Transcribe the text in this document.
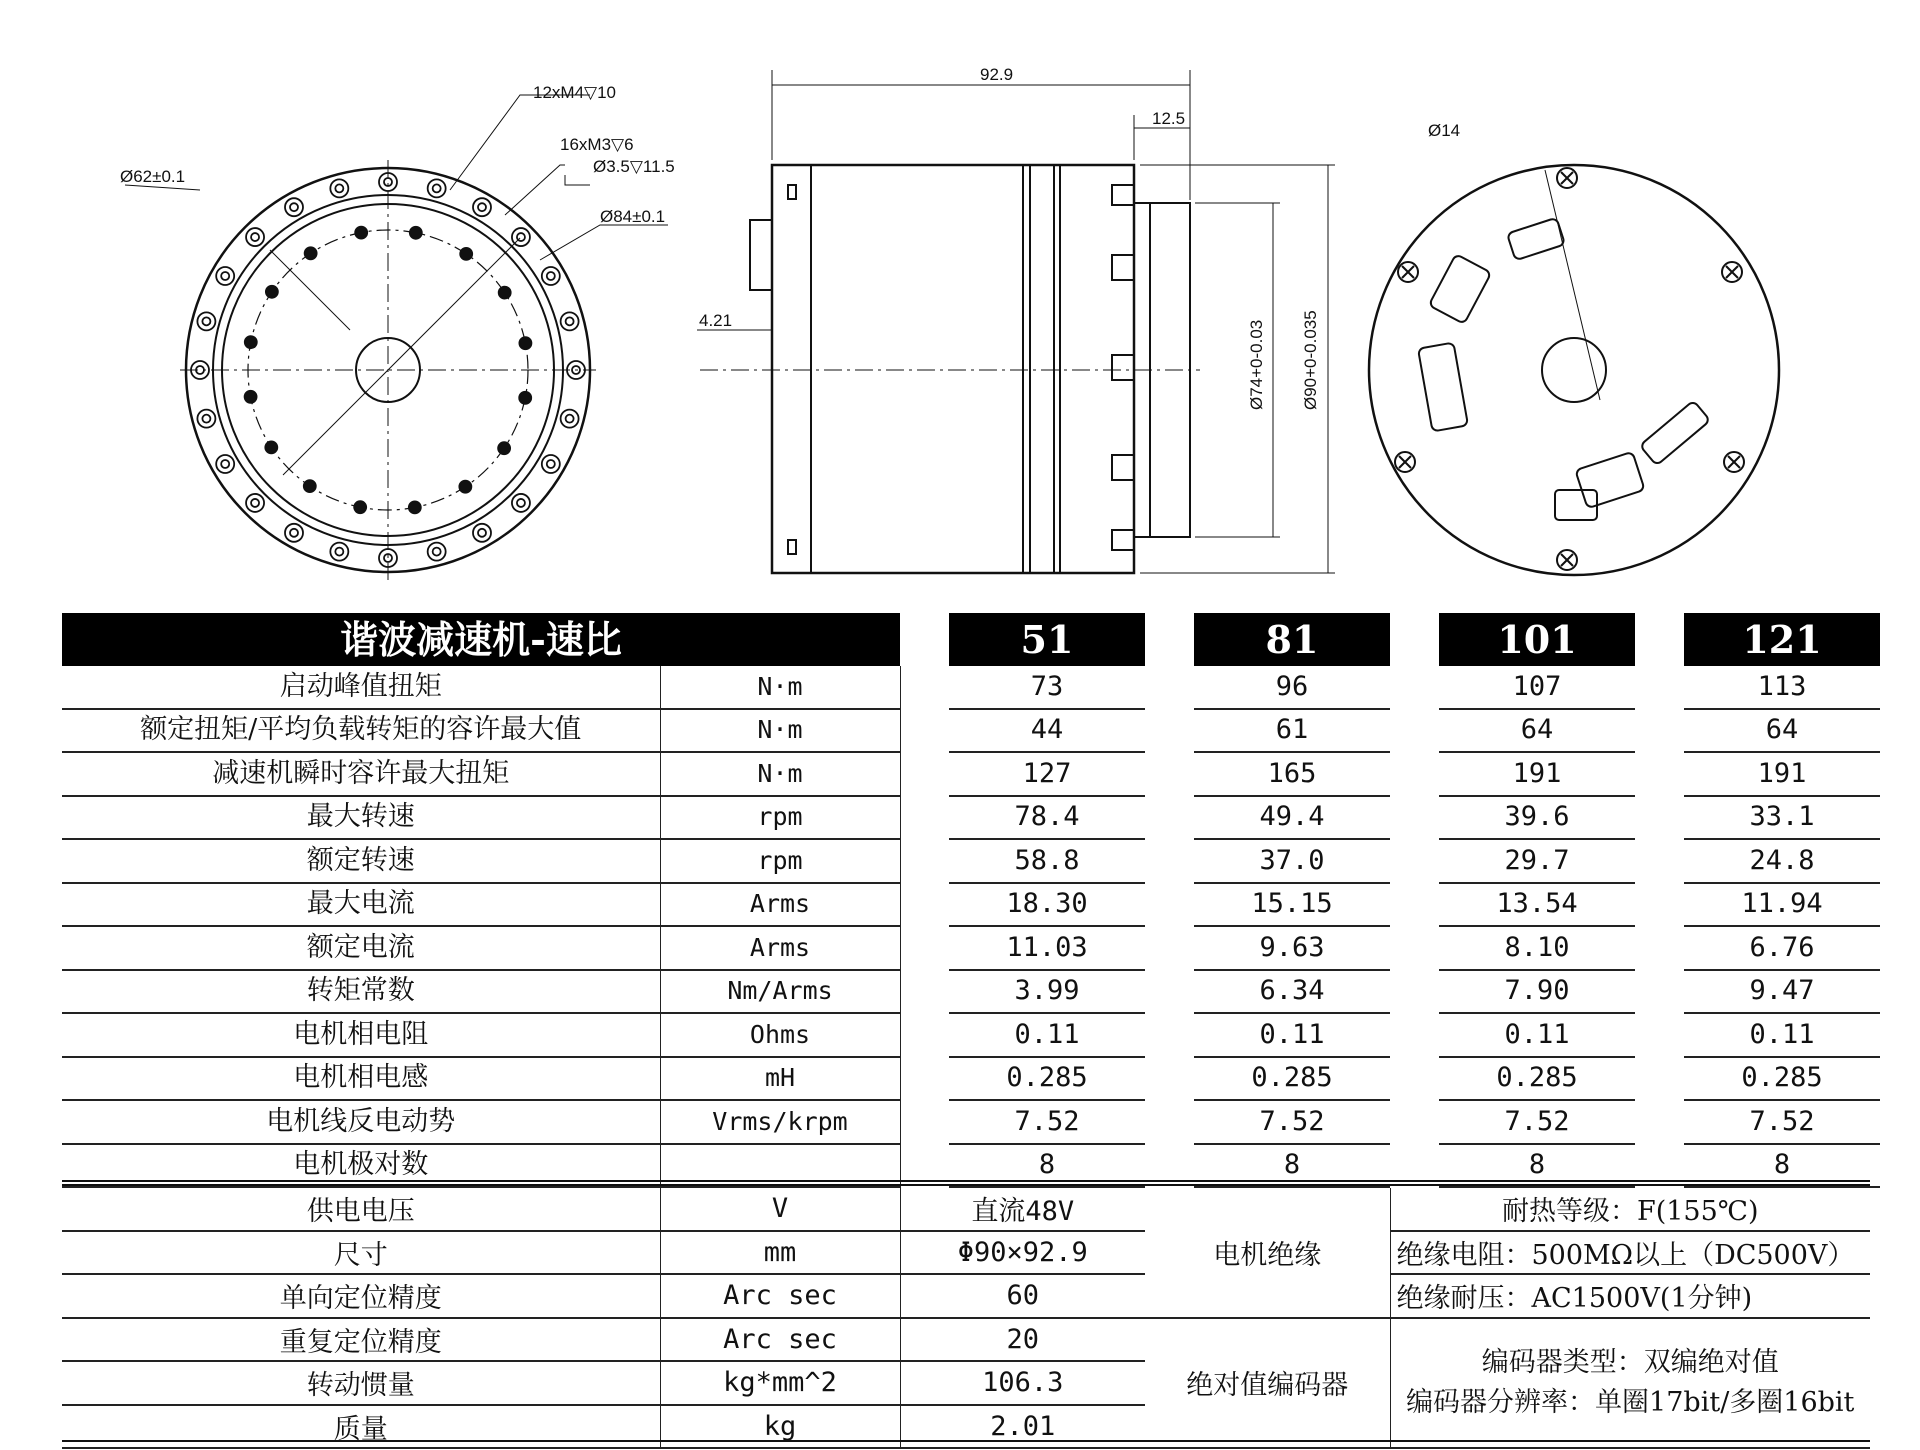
Ø62±0.1
12xM4▽10
16xM3▽6
Ø3.5▽11.5
Ø84±0.1
92.9
12.5
4.21	Ø74+0-0.03 Ø90+0-0.035
Ø14
谐波减速机-速比			51		81		101		121
启动峰值扭矩	N·m		73		96		107		113
额定扭矩/平均负载转矩的容许最大值	N·m		44		61		64		64
减速机瞬时容许最大扭矩	N·m		127		165		191		191
最大转速	rpm		78.4		49.4		39.6		33.1
额定转速	rpm		58.8		37.0		29.7		24.8
最大电流	Arms		18.30		15.15		13.54		11.94
额定电流	Arms		11.03		9.63		8.10		6.76
转矩常数	Nm/Arms		3.99		6.34		7.90		9.47
电机相电阻	Ohms		0.11		0.11		0.11		0.11
电机相电感	mH		0.285		0.285		0.285		0.285
电机线反电动势	Vrms/krpm		7.52		7.52		7.52		7.52
电机极对数			8		8		8		8
供电电压	V	直流48V	电机绝缘	耐热等级：F(155℃)
尺寸	mm	Φ90×92.9		绝缘电阻：500MΩ以上（DC500V）
单向定位精度	Arc sec	60		绝缘耐压：AC1500V(1分钟)
重复定位精度	Arc sec	20	绝对值编码器	编码器类型：双编绝对值
编码器分辨率：单圈17bit/多圈16bit

转动惯量	kg*mm^2	106.3		
质量	kg	2.01		
